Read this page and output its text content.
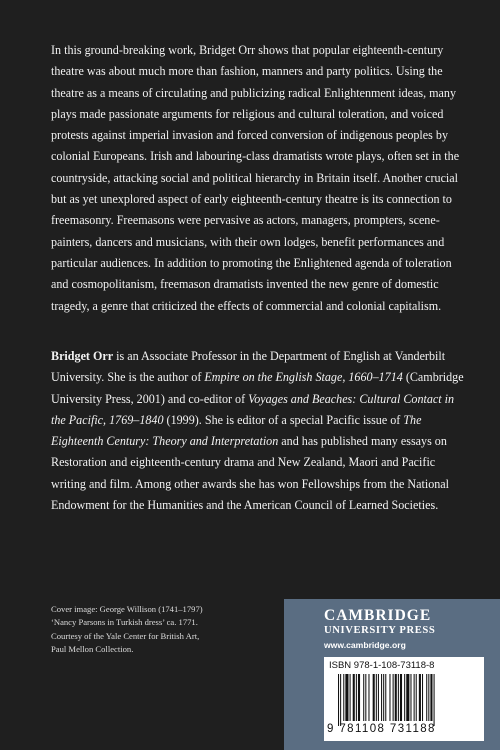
In this ground-breaking work, Bridget Orr shows that popular eighteenth-century theatre was about much more than fashion, manners and party politics. Using the theatre as a means of circulating and publicizing radical Enlightenment ideas, many plays made passionate arguments for religious and cultural toleration, and voiced protests against imperial invasion and forced conversion of indigenous peoples by colonial Europeans. Irish and labouring-class dramatists wrote plays, often set in the countryside, attacking social and political hierarchy in Britain itself. Another crucial but as yet unexplored aspect of early eighteenth-century theatre is its connection to freemasonry. Freemasons were pervasive as actors, managers, prompters, scene-painters, dancers and musicians, with their own lodges, benefit performances and particular audiences. In addition to promoting the Enlightened agenda of toleration and cosmopolitanism, freemason dramatists invented the new genre of domestic tragedy, a genre that criticized the effects of commercial and colonial capitalism.

Bridget Orr is an Associate Professor in the Department of English at Vanderbilt University. She is the author of Empire on the English Stage, 1660–1714 (Cambridge University Press, 2001) and co-editor of Voyages and Beaches: Cultural Contact in the Pacific, 1769–1840 (1999). She is editor of a special Pacific issue of The Eighteenth Century: Theory and Interpretation and has published many essays on Restoration and eighteenth-century drama and New Zealand, Maori and Pacific writing and film. Among other awards she has won Fellowships from the National Endowment for the Humanities and the American Council of Learned Societies.

Cover image: George Willison (1741–1797)
‘Nancy Parsons in Turkish dress’ ca. 1771.
Courtesy of the Yale Center for British Art,
Paul Mellon Collection.
CAMBRIDGE
UNIVERSITY PRESS
www.cambridge.org
ISBN 978-1-108-73118-8
9 781108 731188
